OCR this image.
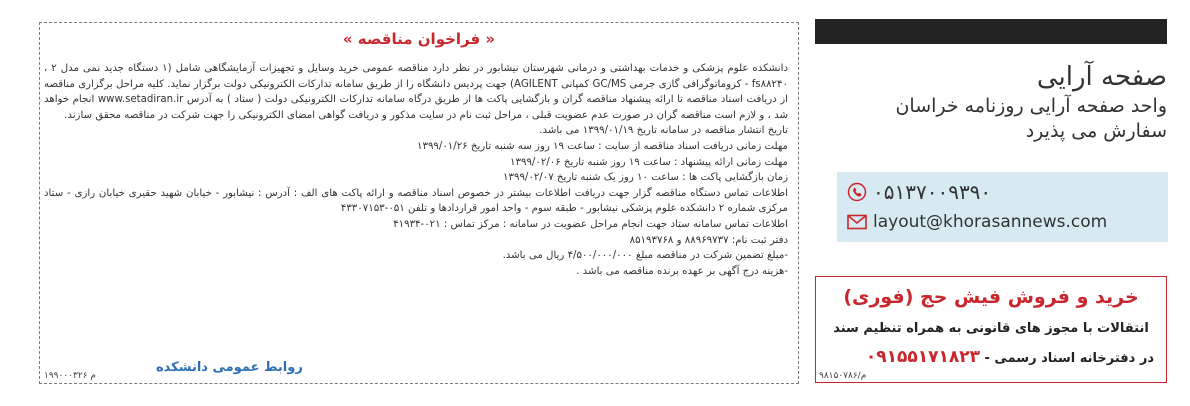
« فراخوان مناقصه »

دانشکده علوم پزشکی و خدمات بهداشتی و درمانی شهرستان نیشابور در نظر دارد مناقصه عمومی خرید وسایل و تجهیزات آزمایشگاهی شامل (۱ دستگاه جدید نمی مدل ۲ ، fs۸۸۲۴۰ - کروماتوگرافی گازی جرمی GC/MS کمپانی AGILENT) جهت پردیس دانشگاه را از طریق سامانه تدارکات الکترونیکی دولت برگزار نماید. کلیه مراحل برگزاری مناقصه از دریافت اسناد مناقصه تا ارائه پیشنهاد مناقصه گران و بازگشایی پاکت ها از طریق درگاه سامانه تدارکات الکترونیکی دولت ( ستاد ) به آدرس www.setadiran.ir انجام خواهد شد ، و لازم است مناقصه گران در صورت عدم عضویت قبلی ، مراحل ثبت نام در سایت مذکور و دریافت گواهی امضای الکترونیکی را جهت شرکت در مناقصه محقق سازند.

تاریخ انتشار مناقصه در سامانه تاریخ ۱۳۹۹/۰۱/۱۹ می باشد.

مهلت زمانی دریافت اسناد مناقصه از سایت : ساعت ۱۹ روز سه شنبه تاریخ ۱۳۹۹/۰۱/۲۶

مهلت زمانی ارائه پیشنهاد : ساعت ۱۹ روز شنبه تاریخ ۱۳۹۹/۰۲/۰۶

زمان بازگشایی پاکت ها : ساعت ۱۰ روز یک شنبه تاریخ ۱۳۹۹/۰۲/۰۷

اطلاعات تماس دستگاه مناقصه گزار جهت دریافت اطلاعات بیشتر در خصوص اسناد مناقصه و ارائه پاکت های الف : آدرس : نیشابور - خیابان شهید حقیری خیابان رازی - ستاد مرکزی شماره ۲ دانشکده علوم پزشکی نیشابور - طبقه سوم - واحد امور قراردادها و تلفن ۰۵۱-۴۳۳۰۷۱۵۳

اطلاعات تماس سامانه ستاد جهت انجام مراحل عضویت در سامانه : مرکز تماس : ۰۲۱-۴۱۹۳۴

دفتر ثبت نام: ۸۸۹۶۹۷۳۷ و ۸۵۱۹۳۷۶۸

-مبلغ تضمین شرکت در مناقصه مبلغ ۴/۵۰۰/۰۰۰/۰۰۰ ریال می باشد.

-هزینه درج آگهی بر عهده برنده مناقصه می باشد .

روابط عمومی دانشکده
م ۱۹۹۰۰۰۳۲۶
صفحه آرایی
واحد صفحه آرایی روزنامه خراسان
سفارش می پذیرد
۰۵۱۳۷۰۰۹۳۹۰
layout@khorasannews.com
خرید و فروش فیش حج (فوری)
انتقالات با مجوز های قانونی به همراه تنظیم سند
در دفترخانه اسناد رسمی - ۰۹۱۵۵۱۷۱۸۲۳
م/۹۸۱۵۰۷۸۶
